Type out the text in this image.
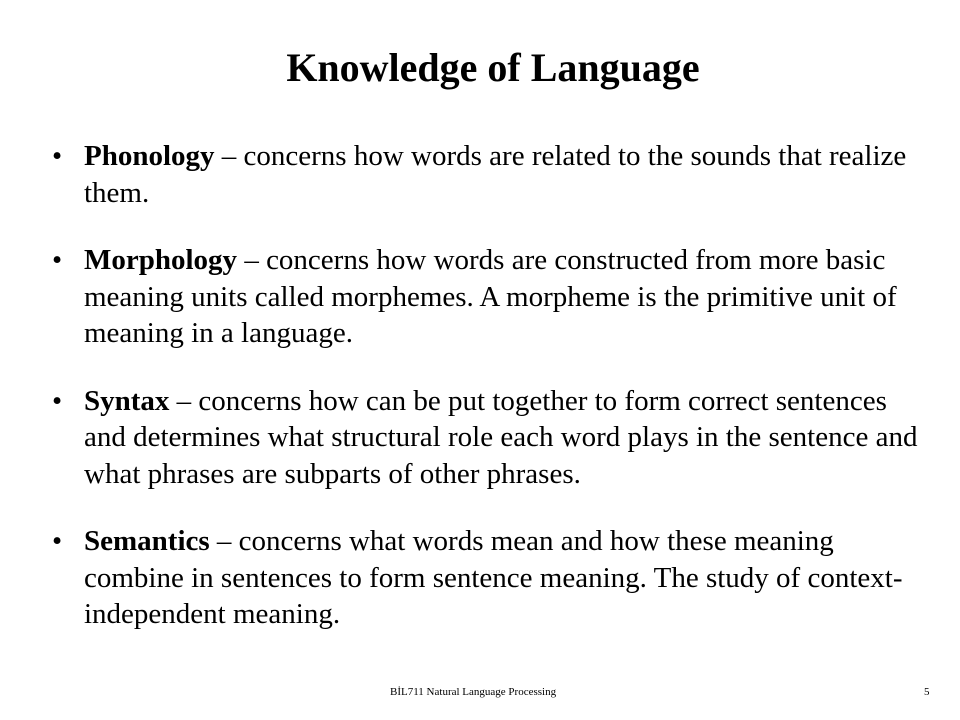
Knowledge of Language
• Phonology – concerns how words are related to the sounds that realize them.
• Morphology – concerns how words are constructed from more basic meaning units called morphemes. A morpheme is the primitive unit of meaning in a language.
• Syntax – concerns how can be put together to form correct sentences and determines what structural role each word plays in the sentence and what phrases are subparts of other phrases.
• Semantics – concerns what words mean and how these meaning combine in sentences to form sentence meaning. The study of context-independent meaning.
BİL711 Natural Language Processing	5
